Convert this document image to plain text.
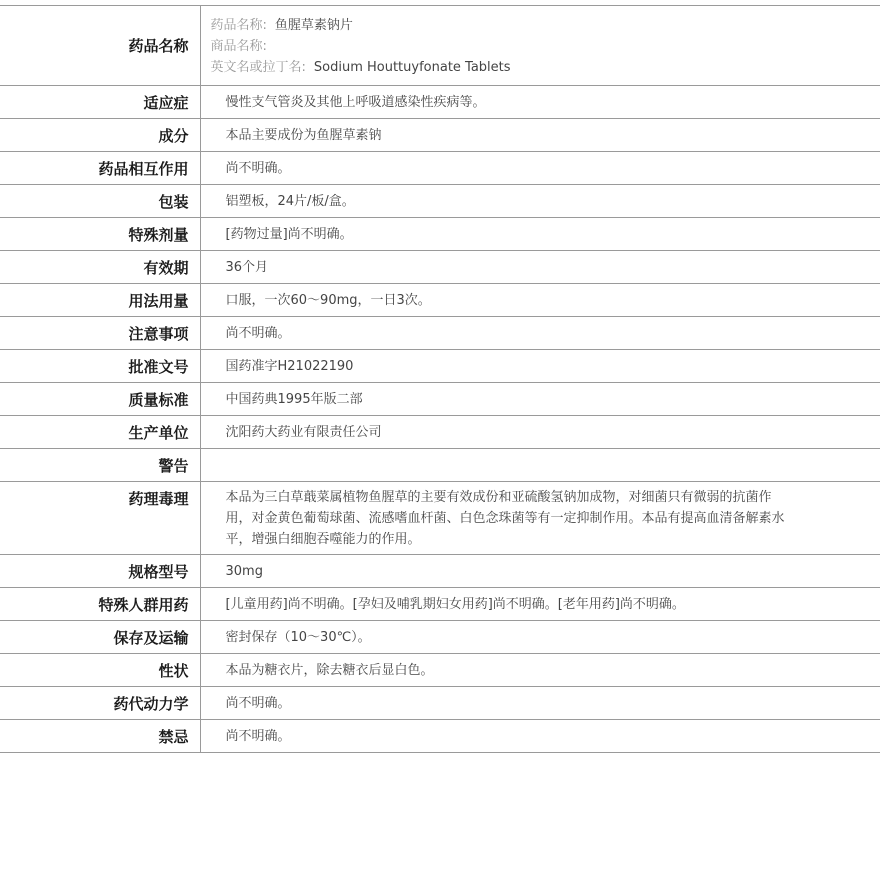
药品名称	药品名称: 鱼腥草素钠片
商品名称:
英文名或拉丁名: Sodium Houttuyfonate Tablets

适应症	慢性支气管炎及其他上呼吸道感染性疾病等。
成分	本品主要成份为鱼腥草素钠
药品相互作用	尚不明确。
包装	铝塑板，24片/板/盒。
特殊剂量	[药物过量]尚不明确。
有效期	36个月
用法用量	口服，一次60～90mg，一日3次。
注意事项	尚不明确。
批准文号	国药准字H21022190
质量标准	中国药典1995年版二部
生产单位	沈阳药大药业有限责任公司
警告	
药理毒理	本品为三白草蕺菜属植物鱼腥草的主要有效成份和亚硫酸氢钠加成物，对细菌只有微弱的抗菌作用，对金黄色葡萄球菌、流感嗜血杆菌、白色念珠菌等有一定抑制作用。本品有提高血清备解素水平，增强白细胞吞噬能力的作用。
规格型号	30mg
特殊人群用药	[儿童用药]尚不明确。[孕妇及哺乳期妇女用药]尚不明确。[老年用药]尚不明确。
保存及运输	密封保存（10～30℃）。
性状	本品为糖衣片，除去糖衣后显白色。
药代动力学	尚不明确。
禁忌	尚不明确。
